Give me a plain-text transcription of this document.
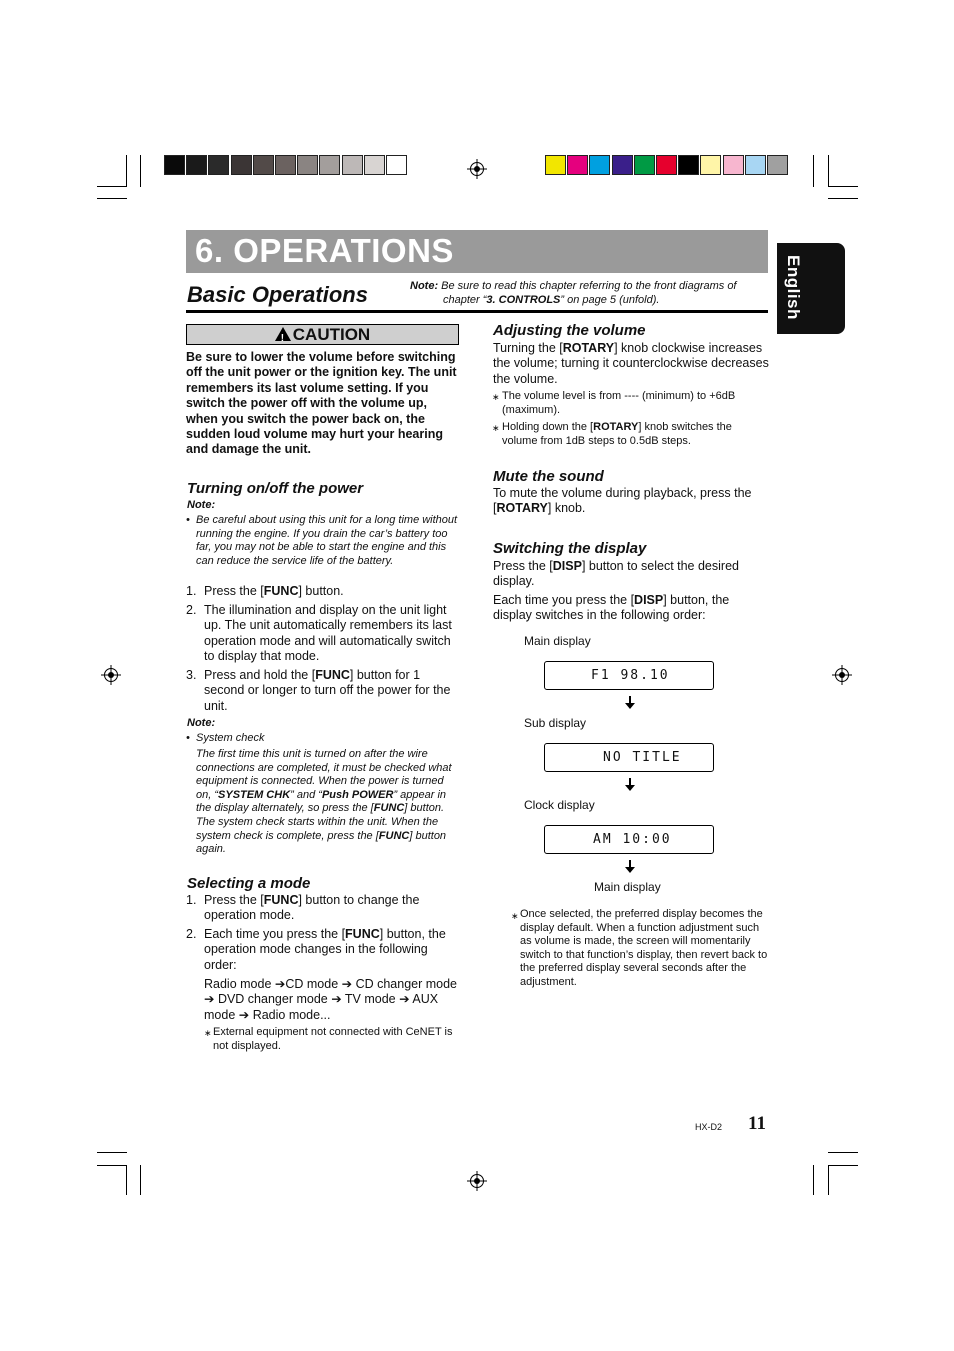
6. OPERATIONS
English
Basic Operations	Note: Be sure to read this chapter referring to the front diagrams of
chapter “3. CONTROLS” on page 5 (unfold).
!CAUTION
Be sure to lower the volume before switching off the unit power or the ignition key. The unit remembers its last volume setting. If you switch the power off with the volume up, when you switch the power back on, the sudden loud volume may hurt your hearing and damage the unit.
Turning on/off the power
Note:
• Be careful about using this unit for a long time without running the engine. If you drain the car’s battery too far, you may not be able to start the engine and this can reduce the service life of the battery.
1. Press the [FUNC] button.
2. The illumination and display on the unit light up. The unit automatically remembers its last operation mode and will automatically switch to display that mode.
3. Press and hold the [FUNC] button for 1 second or longer to turn off the power for the unit.
Note:
• System check
The first time this unit is turned on after the wire connections are completed, it must be checked what equipment is connected. When the power is turned on, “SYSTEM CHK” and “Push POWER” appear in the display alternately, so press the [FUNC] button. The system check starts within the unit. When the system check is complete, press the [FUNC] button again.
Selecting a mode
1. Press the [FUNC] button to change the operation mode.
2. Each time you press the [FUNC] button, the operation mode changes in the following order:
Radio mode ➔CD mode ➔ CD changer mode ➔ DVD changer mode ➔ TV mode ➔ AUX mode ➔ Radio mode...
∗ External equipment not connected with CeNET is not displayed.
Adjusting the volume
Turning the [ROTARY] knob clockwise increases the volume; turning it counterclockwise decreases the volume.
∗ The volume level is from ---- (minimum) to +6dB (maximum).
∗ Holding down the [ROTARY] knob switches the volume from 1dB steps to 0.5dB steps.
Mute the sound
To mute the volume during playback, press the [ROTARY] knob.
Switching the display
Press the [DISP] button to select the desired display.
Each time you press the [DISP] button, the display switches in the following order:
Main display
F1 98.10
Sub display
NO TITLE
Clock display
AM 10:00
Main display
∗ Once selected, the preferred display becomes the display default. When a function adjustment such as volume is made, the screen will momentarily switch to that function’s display, then revert back to the preferred display several seconds after the adjustment.
HX-D2 11
